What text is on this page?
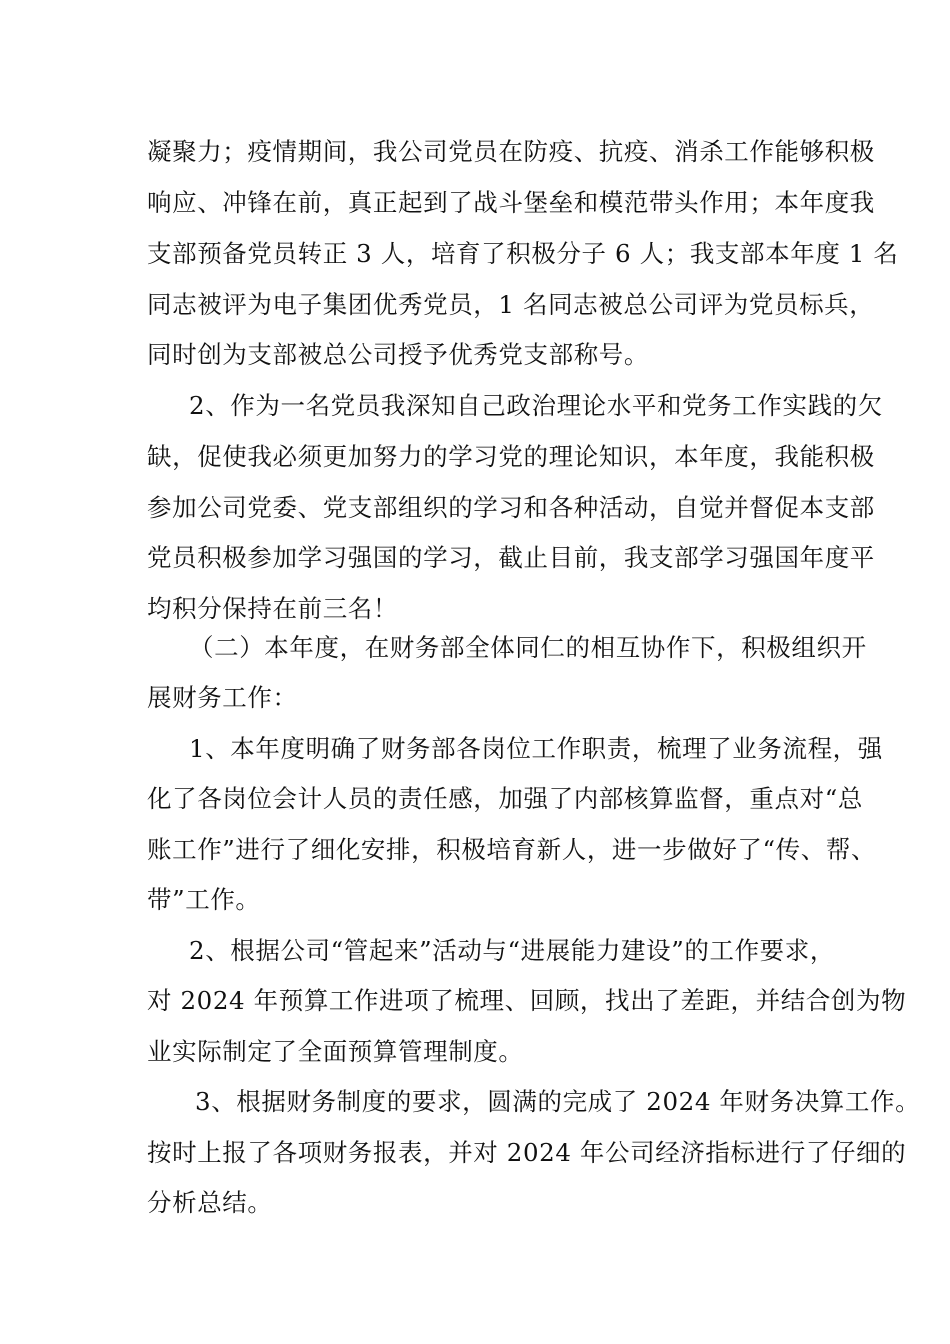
凝聚力；疫情期间，我公司党员在防疫、抗疫、消杀工作能够积极
响应、冲锋在前，真正起到了战斗堡垒和模范带头作用；本年度我
支部预备党员转正 3 人，培育了积极分子 6 人；我支部本年度 1 名
同志被评为电子集团优秀党员，1 名同志被总公司评为党员标兵，
同时创为支部被总公司授予优秀党支部称号。
2、作为一名党员我深知自己政治理论水平和党务工作实践的欠
缺，促使我必须更加努力的学习党的理论知识，本年度，我能积极
参加公司党委、党支部组织的学习和各种活动，自觉并督促本支部
党员积极参加学习强国的学习，截止目前，我支部学习强国年度平
均积分保持在前三名！
（二）本年度，在财务部全体同仁的相互协作下，积极组织开
展财务工作：
1、本年度明确了财务部各岗位工作职责，梳理了业务流程，强
化了各岗位会计人员的责任感，加强了内部核算监督，重点对“总
账工作”进行了细化安排，积极培育新人，进一步做好了“传、帮、
带”工作。
2、根据公司“管起来”活动与“进展能力建设”的工作要求，
对 2024 年预算工作进项了梳理、回顾，找出了差距，并结合创为物
业实际制定了全面预算管理制度。
3、根据财务制度的要求，圆满的完成了 2024 年财务决算工作。
按时上报了各项财务报表，并对 2024 年公司经济指标进行了仔细的
分析总结。
